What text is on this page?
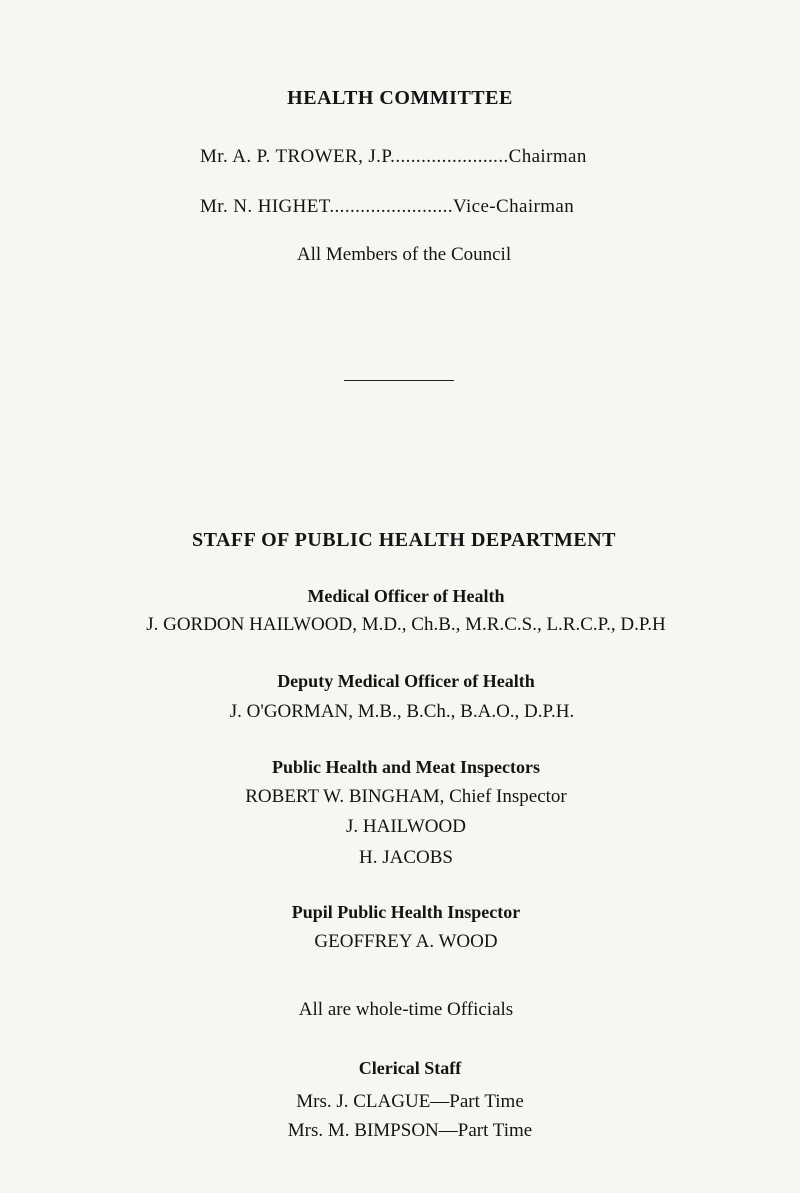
HEALTH COMMITTEE
Mr. A. P. TROWER, J.P.......................Chairman
Mr. N. HIGHET........................Vice-Chairman
All Members of the Council
STAFF OF PUBLIC HEALTH DEPARTMENT
Medical Officer of Health
J. GORDON HAILWOOD, M.D., Ch.B., M.R.C.S., L.R.C.P., D.P.H
Deputy Medical Officer of Health
J. O'GORMAN, M.B., B.Ch., B.A.O., D.P.H.
Public Health and Meat Inspectors
ROBERT W. BINGHAM, Chief Inspector
J. HAILWOOD
H. JACOBS
Pupil Public Health Inspector
GEOFFREY A. WOOD
All are whole-time Officials
Clerical Staff
Mrs. J. CLAGUE—Part Time
Mrs. M. BIMPSON—Part Time
